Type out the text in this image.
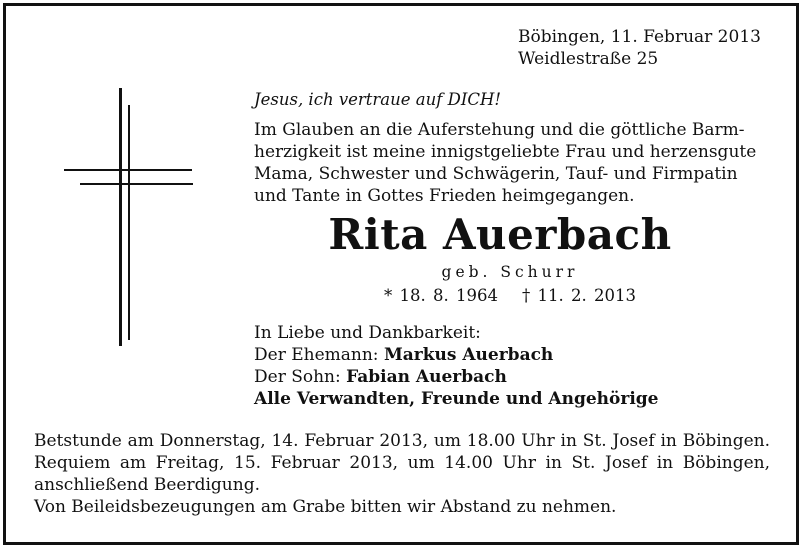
Böbingen, 11. Februar 2013
Weidlestraße 25
Jesus, ich vertraue auf DICH!
Im Glauben an die Auferstehung und die göttliche Barm-
herzigkeit ist meine innigstgeliebte Frau und herzensgute
Mama, Schwester und Schwägerin, Tauf- und Firmpatin
und Tante in Gottes Frieden heimgegangen.
Rita Auerbach
geb. Schurr
* 18. 8. 1964 † 11. 2. 2013
In Liebe und Dankbarkeit:
Der Ehemann: Markus Auerbach
Der Sohn: Fabian Auerbach
Alle Verwandten, Freunde und Angehörige
Betstunde am Donnerstag, 14. Februar 2013, um 18.00 Uhr in St. Josef in Böbingen.
Requiem am Freitag, 15. Februar 2013, um 14.00 Uhr in St. Josef in Böbingen,
anschließend Beerdigung.
Von Beileidsbezeugungen am Grabe bitten wir Abstand zu nehmen.
